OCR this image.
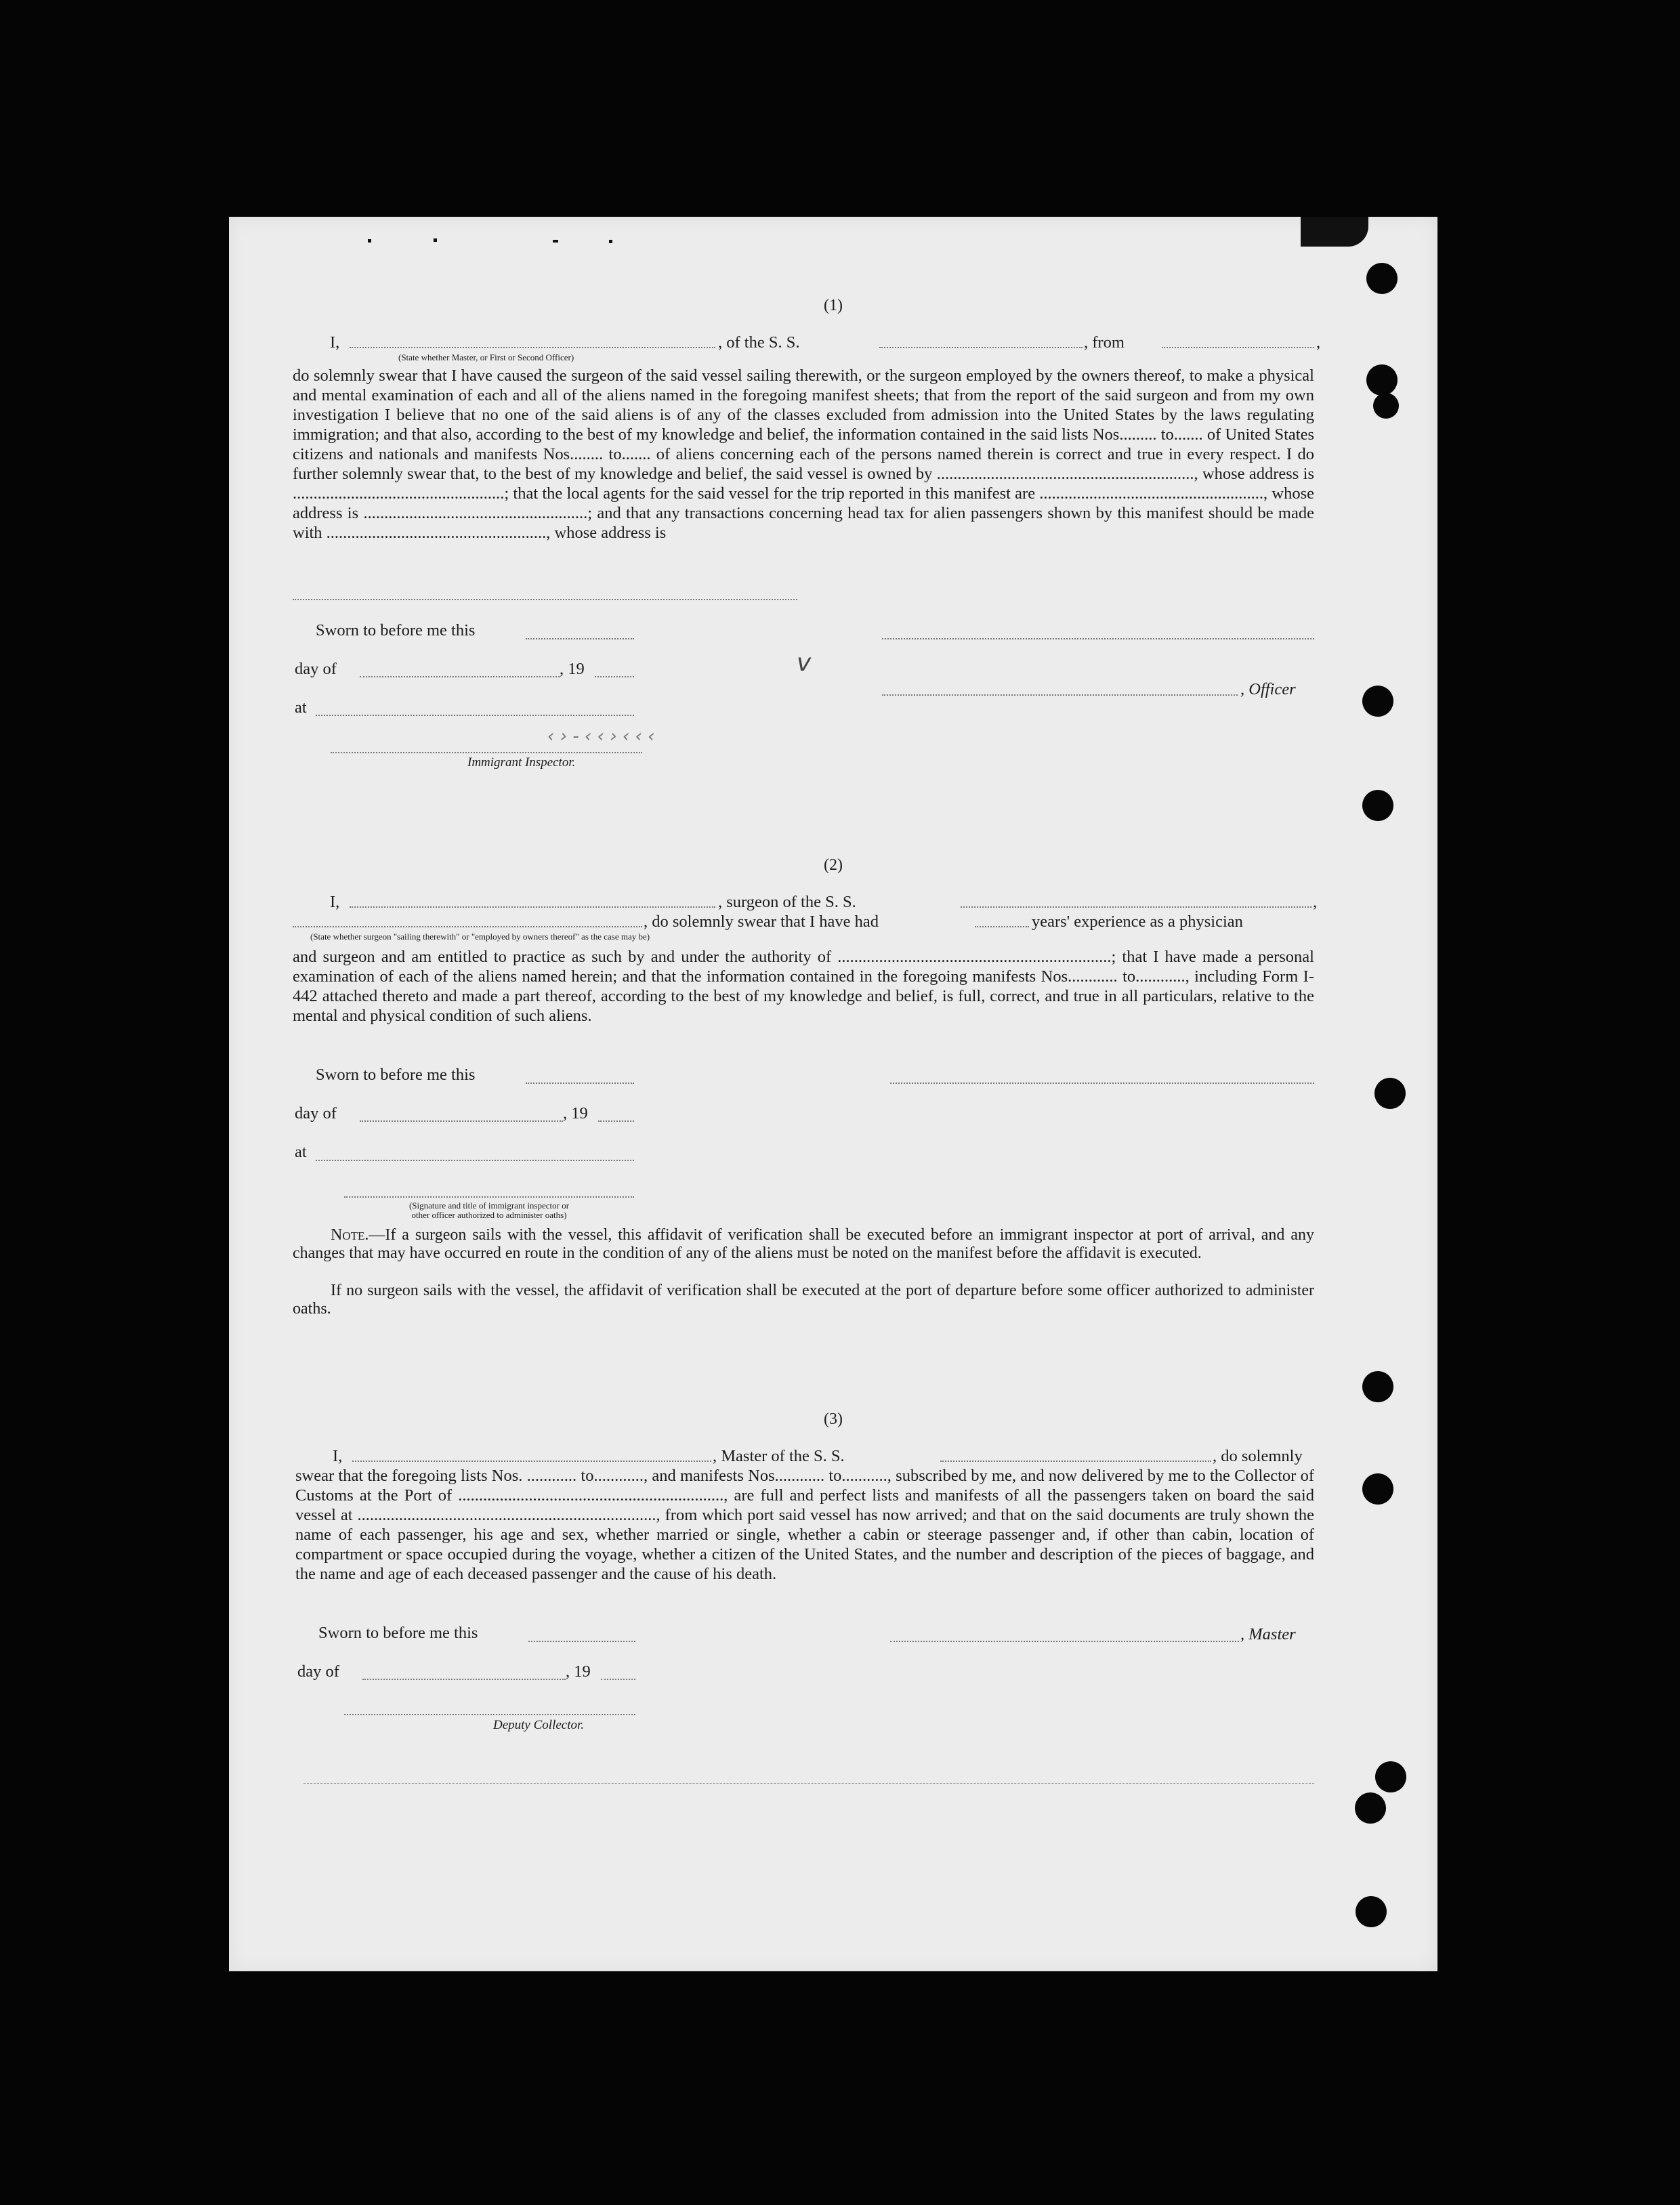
(1)
I,	, of the S. S.	, from	,
(State whether Master, or First or Second Officer)
do solemnly swear that I have caused the surgeon of the said vessel sailing therewith, or the surgeon employed by the owners thereof, to make a physical and mental examination of each and all of the aliens named in the foregoing manifest sheets; that from the report of the said surgeon and from my own investigation I believe that no one of the said aliens is of any of the classes excluded from admission into the United States by the laws regulating immigration; and that also, according to the best of my knowledge and belief, the information contained in the said lists Nos......... to....... of United States citizens and nationals and manifests Nos........ to....... of aliens concerning each of the persons named therein is correct and true in every respect. I do further solemnly swear that, to the best of my knowledge and belief, the said vessel is owned by .............................................................., whose address is ...................................................; that the local agents for the said vessel for the trip reported in this manifest are ......................................................, whose address is ......................................................; and that any transactions concerning head tax for alien passengers shown by this manifest should be made with ....................................................., whose address is
Sworn to before me this
day of	, 19
, Officer
at
‹ › - ‹ ‹ › ‹ ‹ ‹
Immigrant Inspector.
v
(2)
I,	, surgeon of the S. S.	,
, do solemnly swear that I have had	years' experience as a physician
(State whether surgeon "sailing therewith" or "employed by owners thereof" as the case may be)
and surgeon and am entitled to practice as such by and under the authority of ..................................................................; that I have made a personal examination of each of the aliens named herein; and that the information contained in the foregoing manifests Nos............ to............, including Form I-442 attached thereto and made a part thereof, according to the best of my knowledge and belief, is full, correct, and true in all particulars, relative to the mental and physical condition of such aliens.
Sworn to before me this
day of	, 19
at
(Signature and title of immigrant inspector or
other officer authorized to administer oaths)
Note.—If a surgeon sails with the vessel, this affidavit of verification shall be executed before an immigrant inspector at port of arrival, and any changes that may have occurred en route in the condition of any of the aliens must be noted on the manifest before the affidavit is executed.
If no surgeon sails with the vessel, the affidavit of verification shall be executed at the port of departure before some officer authorized to administer oaths.
(3)
I,	, Master of the S. S.	, do solemnly
swear that the foregoing lists Nos. ............ to............, and manifests Nos............ to..........., subscribed by me, and now delivered by me to the Collector of Customs at the Port of ................................................................, are full and perfect lists and manifests of all the passengers taken on board the said vessel at ........................................................................, from which port said vessel has now arrived; and that on the said documents are truly shown the name of each passenger, his age and sex, whether married or single, whether a cabin or steerage passenger and, if other than cabin, location of compartment or space occupied during the voyage, whether a citizen of the United States, and the number and description of the pieces of baggage, and the name and age of each deceased passenger and the cause of his death.
Sworn to before me this	, Master
day of	, 19
Deputy Collector.
